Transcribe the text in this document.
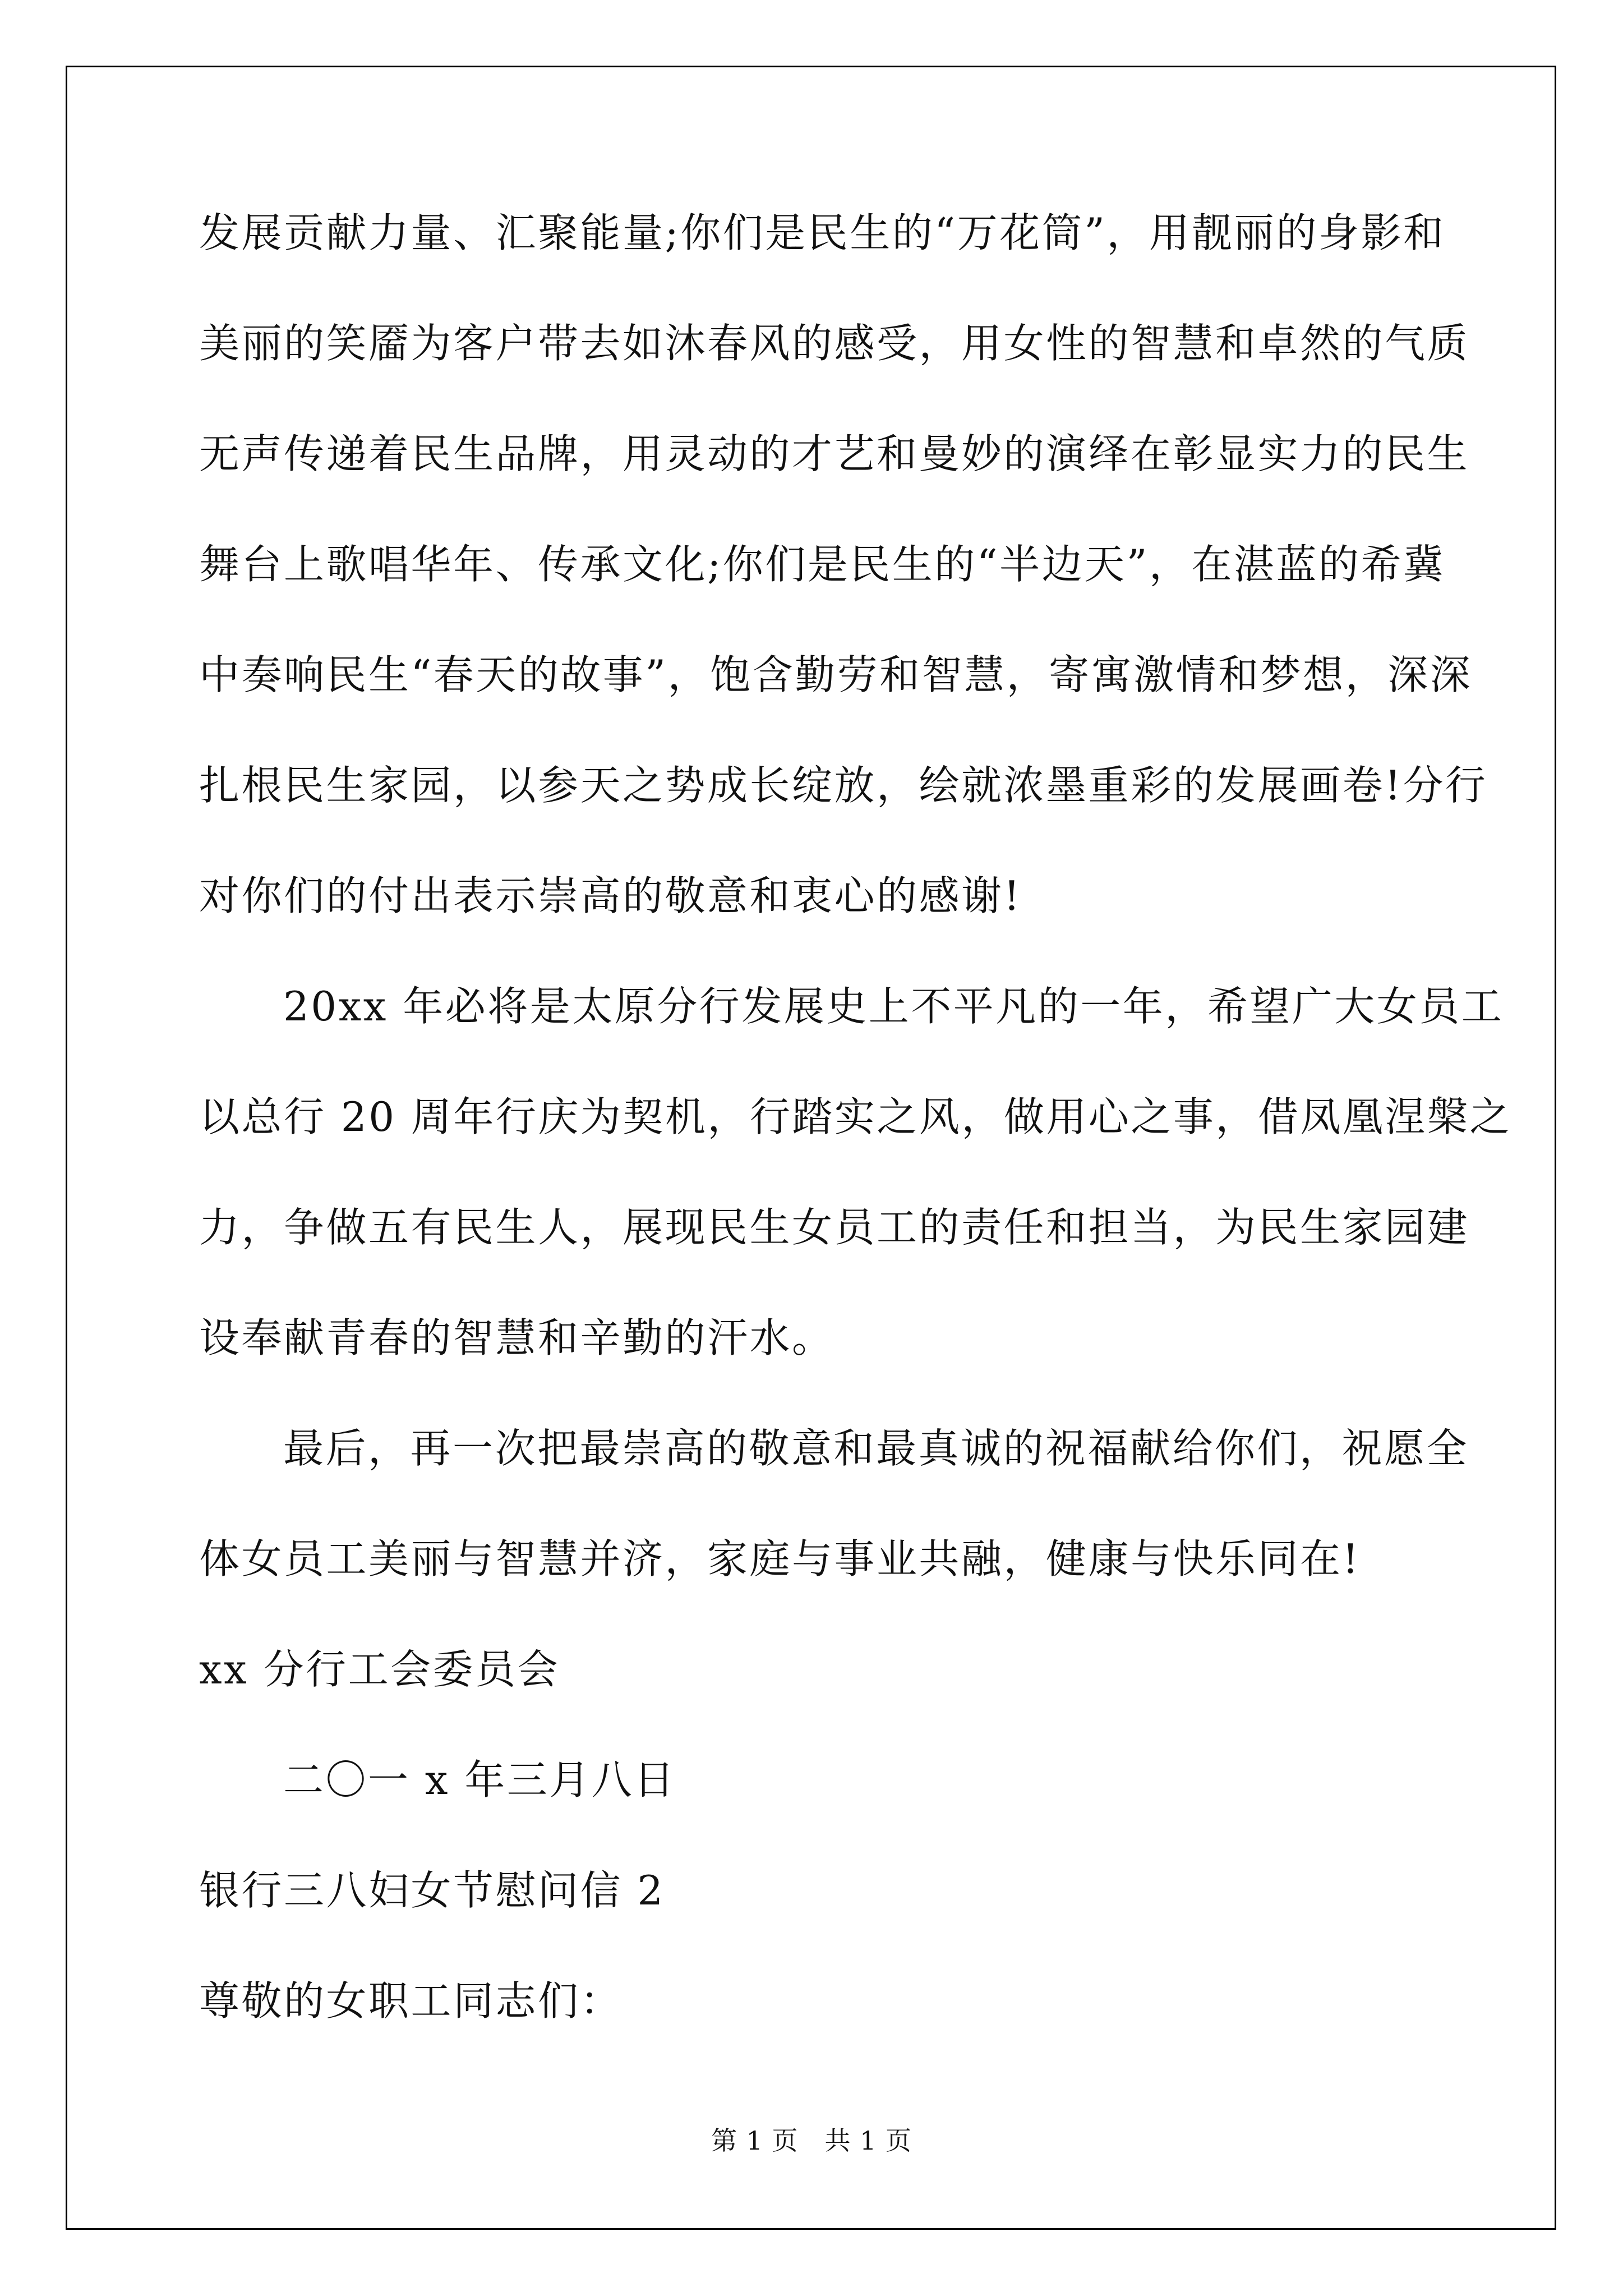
发展贡献力量、汇聚能量;你们是民生的“万花筒”，用靓丽的身影和
美丽的笑靥为客户带去如沐春风的感受，用女性的智慧和卓然的气质
无声传递着民生品牌，用灵动的才艺和曼妙的演绎在彰显实力的民生
舞台上歌唱华年、传承文化;你们是民生的“半边天”，在湛蓝的希冀
中奏响民生“春天的故事”，饱含勤劳和智慧，寄寓激情和梦想，深深
扎根民生家园，以参天之势成长绽放，绘就浓墨重彩的发展画卷!分行
对你们的付出表示崇高的敬意和衷心的感谢!
20xx 年必将是太原分行发展史上不平凡的一年，希望广大女员工
以总行 20 周年行庆为契机，行踏实之风，做用心之事，借凤凰涅槃之
力，争做五有民生人，展现民生女员工的责任和担当，为民生家园建
设奉献青春的智慧和辛勤的汗水。
最后，再一次把最崇高的敬意和最真诚的祝福献给你们，祝愿全
体女员工美丽与智慧并济，家庭与事业共融，健康与快乐同在!
xx 分行工会委员会
二〇一 x 年三月八日
银行三八妇女节慰问信 2
尊敬的女职工同志们：
第 1 页　共 1 页
